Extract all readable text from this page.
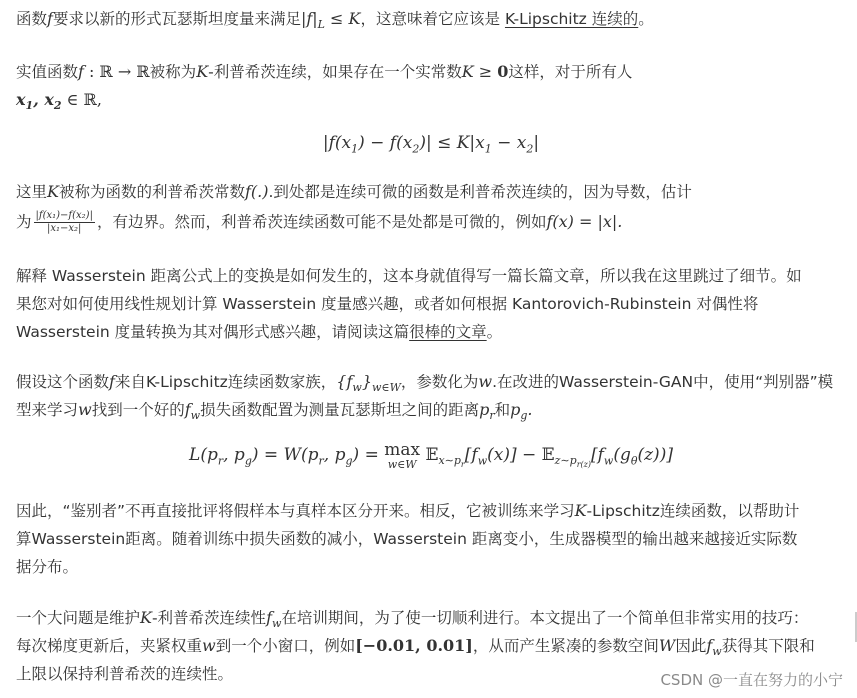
函数f要求以新的形式瓦瑟斯坦度量来满足$|f|_L \le K$，这意味着它应该是 K-Lipschitz 连续的。

实值函数f : ℝ → ℝ被称为K-利普希茨连续，如果存在一个实常数K ≥ 0这样，对于所有人
$x_1$, $x_2$ ∈ ℝ,

$|f(x_1) - f(x_2)| \le K|x_1 - x_2|$

这里K被称为函数的利普希茨常数f(.).到处都是连续可微的函数是利普希茨连续的，因为导数，估计
为 $\frac{\text{|f(x₁)−f(x₂)|}}{\text{|x₁−x₂|}}$ ，有边界。然而，利普希茨连续函数可能不是处都是可微的，例如f(x) = |x|.

解释 Wasserstein 距离公式上的变换是如何发生的，这本身就值得写一篇长篇文章，所以我在这里跳过了细节。如果您对如何使用线性规划计算 Wasserstein 度量感兴趣，或者如何根据 Kantorovich-Rubinstein 对偶性将 Wasserstein 度量转换为其对偶形式感兴趣，请阅读这篇很棒的文章。

假设这个函数f来自K-Lipschitz连续函数家族，$\{f_w\}_{w\in W}$，参数化为w.在改进的Wasserstein-GAN中，使用“判别器”模型来学习w找到一个好的$f_w$损失函数配置为测量瓦瑟斯坦之间的距离$p_r$和$p_g$.

$L(p_r$, $p_g) = W(p_r$, $p_g) = \max$
w∈W $𝔼_{x\sim p_r}[f_w(x)]$ − $𝔼_{z\sim p_{r(z)}}[f_w(g_\theta(z))]$

因此，“鉴别者”不再直接批评将假样本与真样本区分开来。相反，它被训练来学习K-Lipschitz连续函数，以帮助计算Wasserstein距离。随着训练中损失函数的减小，Wasserstein 距离变小，生成器模型的输出越来越接近实际数据分布。

一个大问题是维护K-利普希茨连续性$f_w$在培训期间，为了使一切顺利进行。本文提出了一个简单但非常实用的技巧：每次梯度更新后，夹紧权重w到一个小窗口，例如[−0.01, 0.01]，从而产生紧凑的参数空间W因此$f_w$获得其下限和上限以保持利普希茨的连续性。	CSDN @一直在努力的小宁
